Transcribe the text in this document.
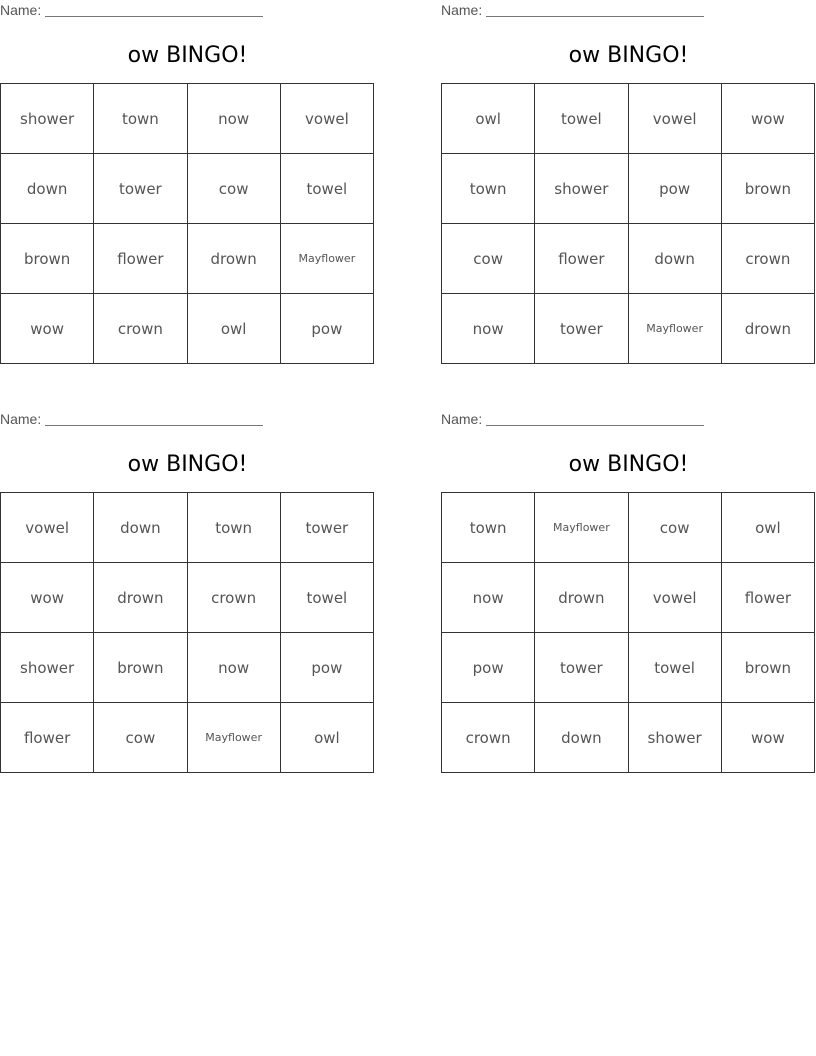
Name:
ow BINGO!
shower	town	now	vowel
down	tower	cow	towel
brown	flower	drown	Mayflower
wow	crown	owl	pow
Name:
ow BINGO!
owl	towel	vowel	wow
town	shower	pow	brown
cow	flower	down	crown
now	tower	Mayflower	drown
Name:
ow BINGO!
vowel	down	town	tower
wow	drown	crown	towel
shower	brown	now	pow
flower	cow	Mayflower	owl
Name:
ow BINGO!
town	Mayflower	cow	owl
now	drown	vowel	flower
pow	tower	towel	brown
crown	down	shower	wow
